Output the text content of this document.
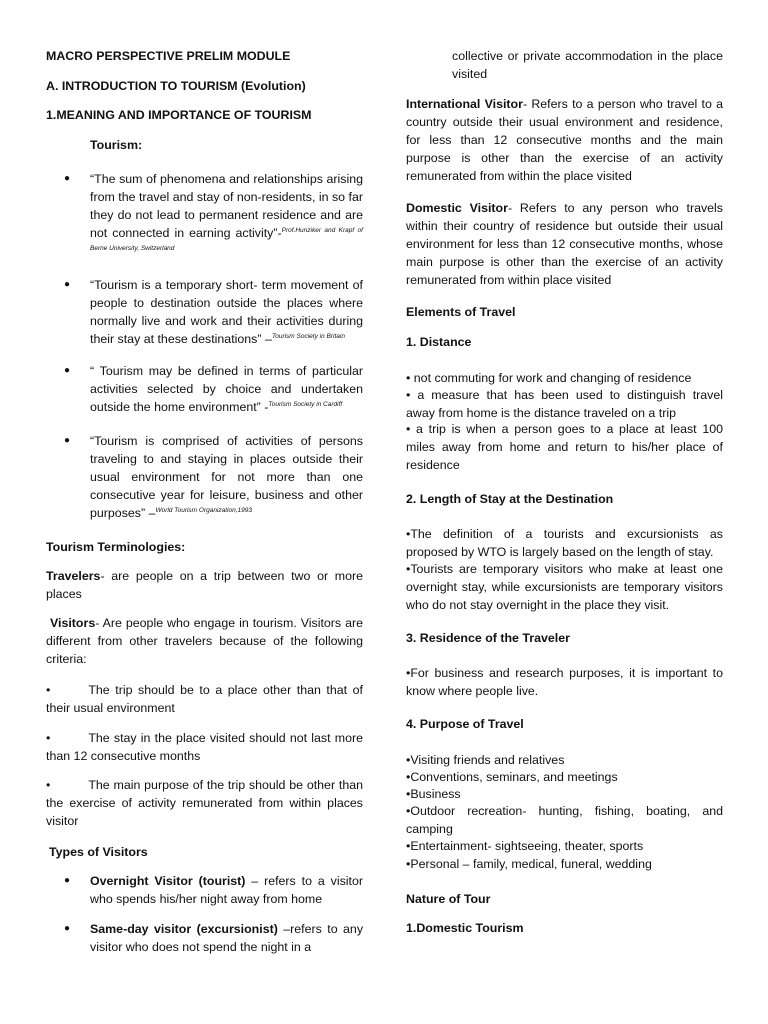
MACRO PERSPECTIVE PRELIM MODULE
A. INTRODUCTION TO TOURISM (Evolution)
1.MEANING AND IMPORTANCE OF TOURISM
Tourism:
● “The sum of phenomena and relationships arising from the travel and stay of non-residents, in so far they do not lead to permanent residence and are not connected in earning activity”-$^{Prof.Hunziker and Krapf of Berne University, Switzerland}$
● “Tourism is a temporary short- term movement of people to destination outside the places where normally live and work and their activities during their stay at these destinations” –$^{Tourism Society in Britain}$
● “ Tourism may be defined in terms of particular activities selected by choice and undertaken outside the home environment” -$^{Tourism Society in Cardiff}$
● “Tourism is comprised of activities of persons traveling to and staying in places outside their usual environment for not more than one consecutive year for leisure, business and other purposes” –$^{World Tourism Organization,1993}$
Tourism Terminologies:
Travelers- are people on a trip between two or more places
Visitors- Are people who engage in tourism. Visitors are different from other travelers because of the following criteria:
•	The trip should be to a place other than that of their usual environment
•	The stay in the place visited should not last more than 12 consecutive months
•	The main purpose of the trip should be other than the exercise of activity remunerated from within places visitor
Types of Visitors
● Overnight Visitor (tourist) – refers to a visitor who spends his/her night away from home
● Same-day visitor (excursionist) –refers to any visitor who does not spend the night in a
collective or private accommodation in the place visited
International Visitor- Refers to a person who travel to a country outside their usual environment and residence, for less than 12 consecutive months and the main purpose is other than the exercise of an activity remunerated from within the place visited
Domestic Visitor- Refers to any person who travels within their country of residence but outside their usual environment for less than 12 consecutive months, whose main purpose is other than the exercise of an activity remunerated from within place visited
Elements of Travel
1. Distance
• not commuting for work and changing of residence
• a measure that has been used to distinguish travel away from home is the distance traveled on a trip
• a trip is when a person goes to a place at least 100 miles away from home and return to his/her place of residence
2. Length of Stay at the Destination
•The definition of a tourists and excursionists as proposed by WTO is largely based on the length of stay.
•Tourists are temporary visitors who make at least one overnight stay, while excursionists are temporary visitors who do not stay overnight in the place they visit.
3. Residence of the Traveler
•For business and research purposes, it is important to know where people live.
4. Purpose of Travel
•Visiting friends and relatives
•Conventions, seminars, and meetings
•Business
•Outdoor recreation- hunting, fishing, boating, and camping
•Entertainment- sightseeing, theater, sports
•Personal – family, medical, funeral, wedding
Nature of Tour
1.Domestic Tourism
